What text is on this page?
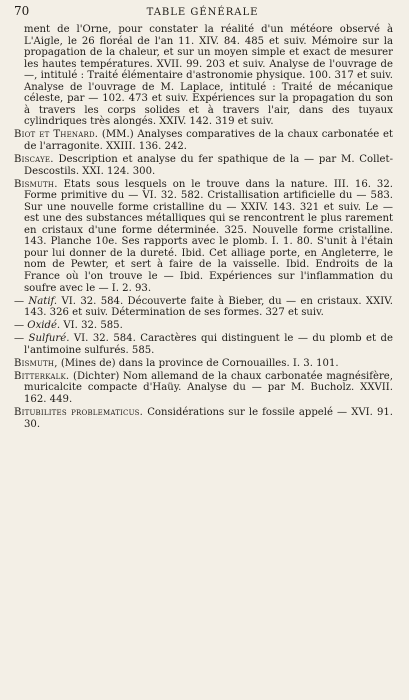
70	TABLE GÉNÉRALE

ment de l'Orne, pour constater la réalité d'un météore observé à L'Aigle, le 26 floréal de l'an 11. XIV. 84. 485 et suiv. Mémoire sur la propagation de la chaleur, et sur un moyen simple et exact de mesurer les hautes températures. XVII. 99. 203 et suiv. Analyse de l'ouvrage de —, intitulé : Traité élémentaire d'astronomie physique. 100. 317 et suiv. Analyse de l'ouvrage de M. Laplace, intitulé : Traité de mécanique céleste, par — 102. 473 et suiv. Expériences sur la propagation du son à travers les corps solides et à travers l'air, dans des tuyaux cylindriques très alongés. XXIV. 142. 319 et suiv.

Biot et Thenard. (MM.) Analyses comparatives de la chaux carbonatée et de l'arragonite. XXIII. 136. 242.

Biscaye. Description et analyse du fer spathique de la — par M. Collet-Descostils. XXI. 124. 300.

Bismuth. Etats sous lesquels on le trouve dans la nature. III. 16. 32. Forme primitive du — VI. 32. 582. Cristallisation artificielle du — 583. Sur une nouvelle forme cristalline du — XXIV. 143. 321 et suiv. Le — est une des substances métalliques qui se rencontrent le plus rarement en cristaux d'une forme déterminée. 325. Nouvelle forme cristalline. 143. Planche 10e. Ses rapports avec le plomb. I. 1. 80. S'unit à l'étain pour lui donner de la dureté. Ibid. Cet alliage porte, en Angleterre, le nom de Pewter, et sert à faire de la vaisselle. Ibid. Endroits de la France où l'on trouve le — Ibid. Expériences sur l'inflammation du soufre avec le — I. 2. 93.

— Natif. VI. 32. 584. Découverte faite à Bieber, du — en cristaux. XXIV. 143. 326 et suiv. Détermination de ses formes. 327 et suiv.

— Oxidé. VI. 32. 585.

— Sulfuré. VI. 32. 584. Caractères qui distinguent le — du plomb et de l'antimoine sulfurés. 585.

Bismuth, (Mines de) dans la province de Cornouailles. I. 3. 101.

Bitterkalk. (Dichter) Nom allemand de la chaux carbonatée magnésifère, muricalcite compacte d'Haüy. Analyse du — par M. Bucholz. XXVII. 162. 449.

Bitubilites problematicus. Considérations sur le fossile appelé — XVI. 91. 30.
